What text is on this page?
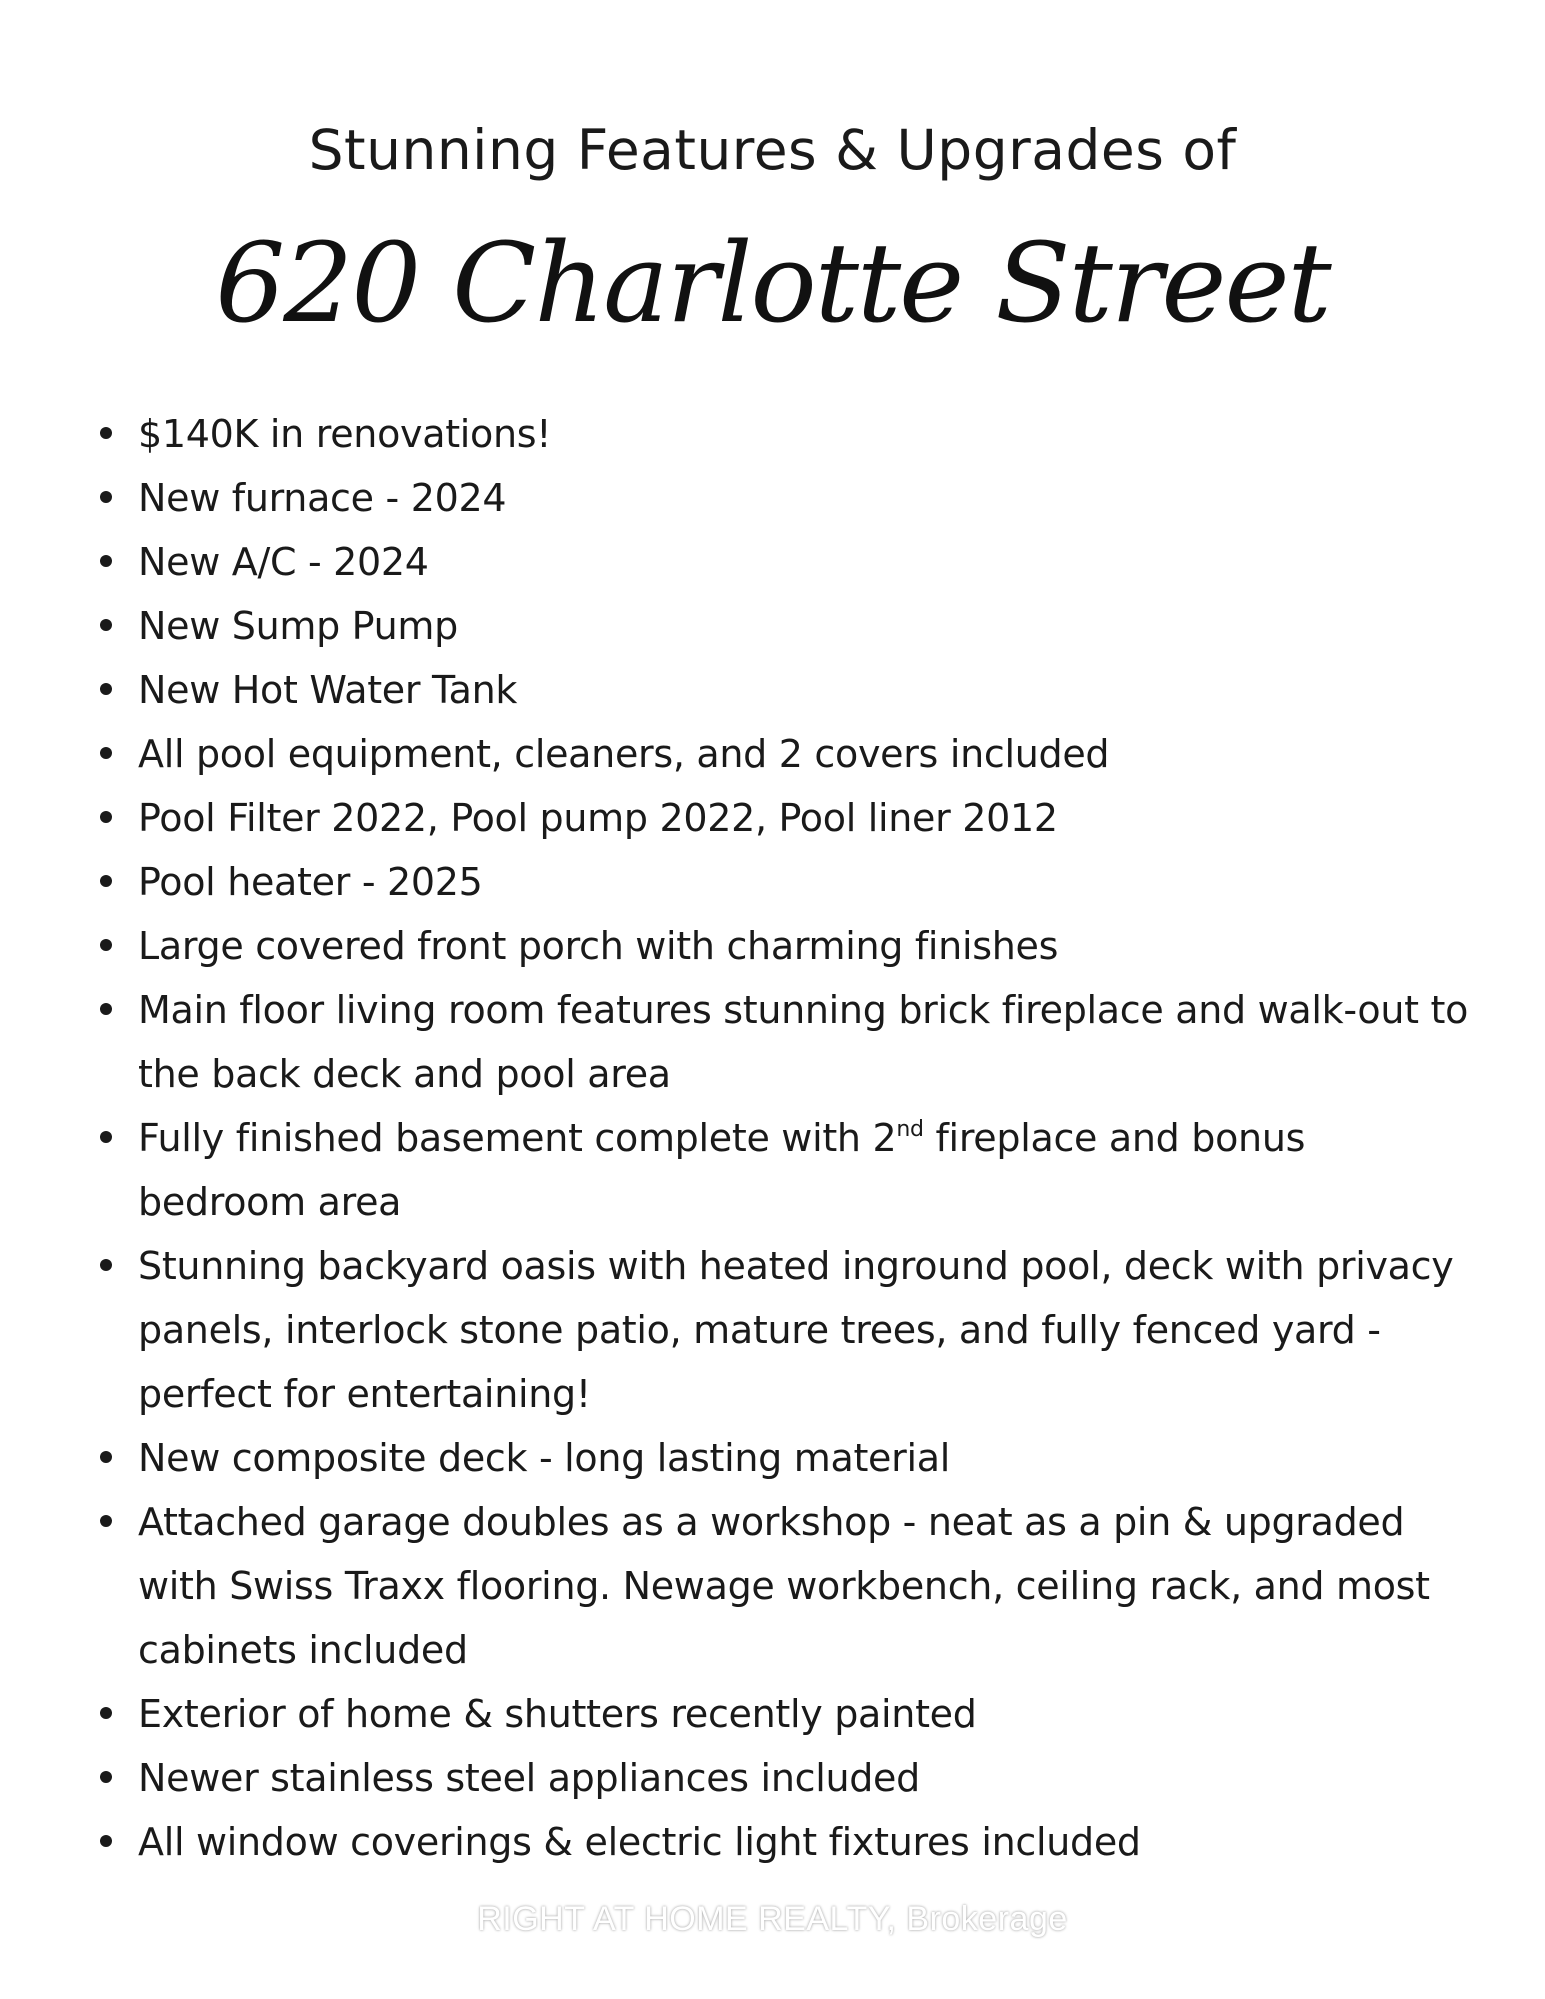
Stunning Features & Upgrades of
620 Charlotte Street
$140K in renovations!
New furnace - 2024
New A/C - 2024
New Sump Pump
New Hot Water Tank
All pool equipment, cleaners, and 2 covers included
Pool Filter 2022, Pool pump 2022, Pool liner 2012
Pool heater - 2025
Large covered front porch with charming finishes
Main floor living room features stunning brick fireplace and walk-out to the back deck and pool area
Fully finished basement complete with 2nd fireplace and bonus bedroom area
Stunning backyard oasis with heated inground pool, deck with privacy panels, interlock stone patio, mature trees, and fully fenced yard - perfect for entertaining!
New composite deck - long lasting material
Attached garage doubles as a workshop - neat as a pin & upgraded with Swiss Traxx flooring. Newage workbench, ceiling rack, and most cabinets included
Exterior of home & shutters recently painted
Newer stainless steel appliances included
All window coverings & electric light fixtures included
RIGHT AT HOME REALTY, Brokerage
